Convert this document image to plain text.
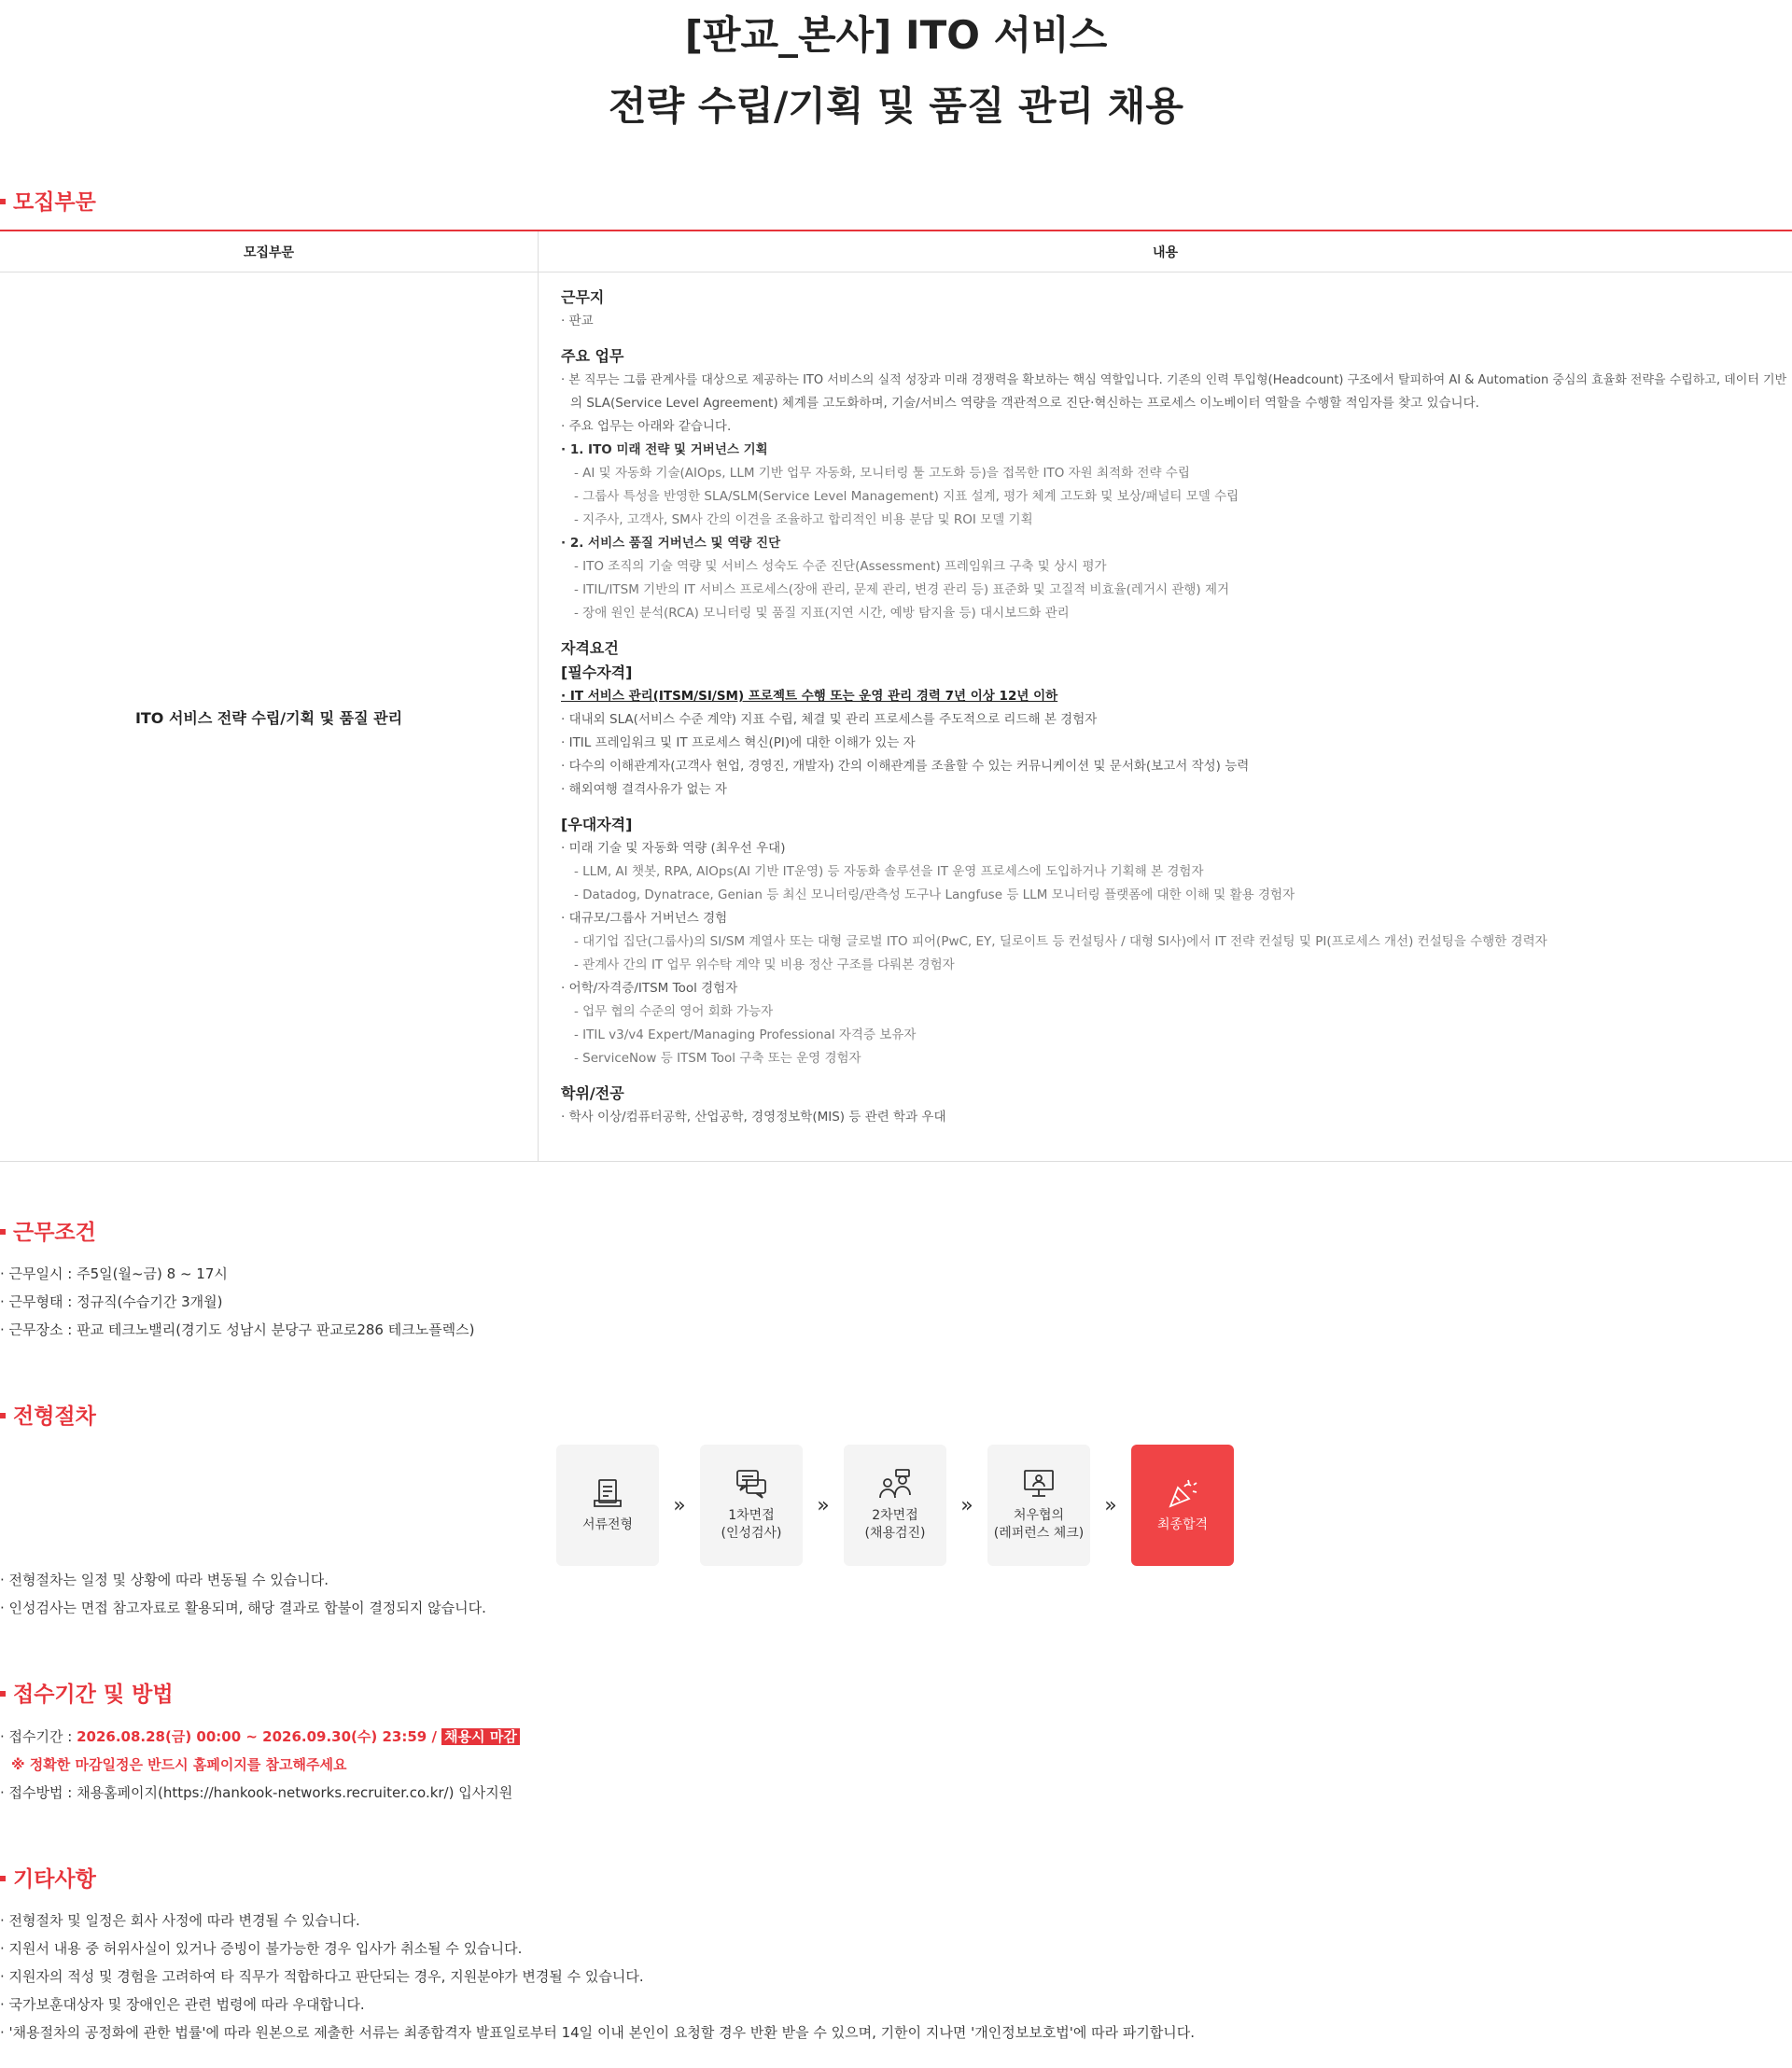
[판교_본사] ITO 서비스
전략 수립/기획 및 품질 관리 채용
모집부문
모집부문	내용
ITO 서비스 전략 수립/기획 및 품질 관리
근무지
· 판교
주요 업무
· 본 직무는 그룹 관계사를 대상으로 제공하는 ITO 서비스의 실적 성장과 미래 경쟁력을 확보하는 핵심 역할입니다. 기존의 인력 투입형(Headcount) 구조에서 탈피하여 AI & Automation 중심의 효율화 전략을 수립하고, 데이터 기반
의 SLA(Service Level Agreement) 체계를 고도화하며, 기술/서비스 역량을 객관적으로 진단·혁신하는 프로세스 이노베이터 역할을 수행할 적임자를 찾고 있습니다.
· 주요 업무는 아래와 같습니다.
· 1. ITO 미래 전략 및 거버넌스 기획
- AI 및 자동화 기술(AIOps, LLM 기반 업무 자동화, 모니터링 툴 고도화 등)을 접목한 ITO 자원 최적화 전략 수립
- 그룹사 특성을 반영한 SLA/SLM(Service Level Management) 지표 설계, 평가 체계 고도화 및 보상/패널티 모델 수립
- 지주사, 고객사, SM사 간의 이견을 조율하고 합리적인 비용 분담 및 ROI 모델 기획
· 2. 서비스 품질 거버넌스 및 역량 진단
- ITO 조직의 기술 역량 및 서비스 성숙도 수준 진단(Assessment) 프레임워크 구축 및 상시 평가
- ITIL/ITSM 기반의 IT 서비스 프로세스(장애 관리, 문제 관리, 변경 관리 등) 표준화 및 고질적 비효율(레거시 관행) 제거
- 장애 원인 분석(RCA) 모니터링 및 품질 지표(지연 시간, 예방 탐지율 등) 대시보드화 관리
자격요건
[필수자격]
· IT 서비스 관리(ITSM/SI/SM) 프로젝트 수행 또는 운영 관리 경력 7년 이상 12년 이하
· 대내외 SLA(서비스 수준 계약) 지표 수립, 체결 및 관리 프로세스를 주도적으로 리드해 본 경험자
· ITIL 프레임워크 및 IT 프로세스 혁신(PI)에 대한 이해가 있는 자
· 다수의 이해관계자(고객사 현업, 경영진, 개발자) 간의 이해관계를 조율할 수 있는 커뮤니케이션 및 문서화(보고서 작성) 능력
· 해외여행 결격사유가 없는 자
[우대자격]
· 미래 기술 및 자동화 역량 (최우선 우대)
- LLM, AI 챗봇, RPA, AIOps(AI 기반 IT운영) 등 자동화 솔루션을 IT 운영 프로세스에 도입하거나 기획해 본 경험자
- Datadog, Dynatrace, Genian 등 최신 모니터링/관측성 도구나 Langfuse 등 LLM 모니터링 플랫폼에 대한 이해 및 활용 경험자
· 대규모/그룹사 거버넌스 경험
- 대기업 집단(그룹사)의 SI/SM 계열사 또는 대형 글로벌 ITO 피어(PwC, EY, 딜로이트 등 컨설팅사 / 대형 SI사)에서 IT 전략 컨설팅 및 PI(프로세스 개선) 컨설팅을 수행한 경력자
- 관계사 간의 IT 업무 위수탁 계약 및 비용 정산 구조를 다뤄본 경험자
· 어학/자격증/ITSM Tool 경험자
- 업무 협의 수준의 영어 회화 가능자
- ITIL v3/v4 Expert/Managing Professional 자격증 보유자
- ServiceNow 등 ITSM Tool 구축 또는 운영 경험자
학위/전공
· 학사 이상/컴퓨터공학, 산업공학, 경영정보학(MIS) 등 관련 학과 우대
근무조건
· 근무일시 : 주5일(월~금) 8 ~ 17시
· 근무형태 : 정규직(수습기간 3개월)
· 근무장소 : 판교 테크노밸리(경기도 성남시 분당구 판교로286 테크노플렉스)
전형절차
서류전형
»	1차면접
(인성검사)
»	2차면접
(채용검진)
»	처우협의
(레퍼런스 체크)
»
최종합격
· 전형절차는 일정 및 상황에 따라 변동될 수 있습니다.
· 인성검사는 면접 참고자료로 활용되며, 해당 결과로 합불이 결정되지 않습니다.
접수기간 및 방법
· 접수기간 : 2026.08.28(금) 00:00 ~ 2026.09.30(수) 23:59 / 채용시 마감
※ 정확한 마감일정은 반드시 홈페이지를 참고해주세요
· 접수방법 : 채용홈페이지(https://hankook-networks.recruiter.co.kr/) 입사지원
기타사항
· 전형절차 및 일정은 회사 사정에 따라 변경될 수 있습니다.
· 지원서 내용 중 허위사실이 있거나 증빙이 불가능한 경우 입사가 취소될 수 있습니다.
· 지원자의 적성 및 경험을 고려하여 타 직무가 적합하다고 판단되는 경우, 지원분야가 변경될 수 있습니다.
· 국가보훈대상자 및 장애인은 관련 법령에 따라 우대합니다.
· '채용절차의 공정화에 관한 법률'에 따라 원본으로 제출한 서류는 최종합격자 발표일로부터 14일 이내 본인이 요청할 경우 반환 받을 수 있으며, 기한이 지나면 '개인정보보호법'에 따라 파기합니다.
